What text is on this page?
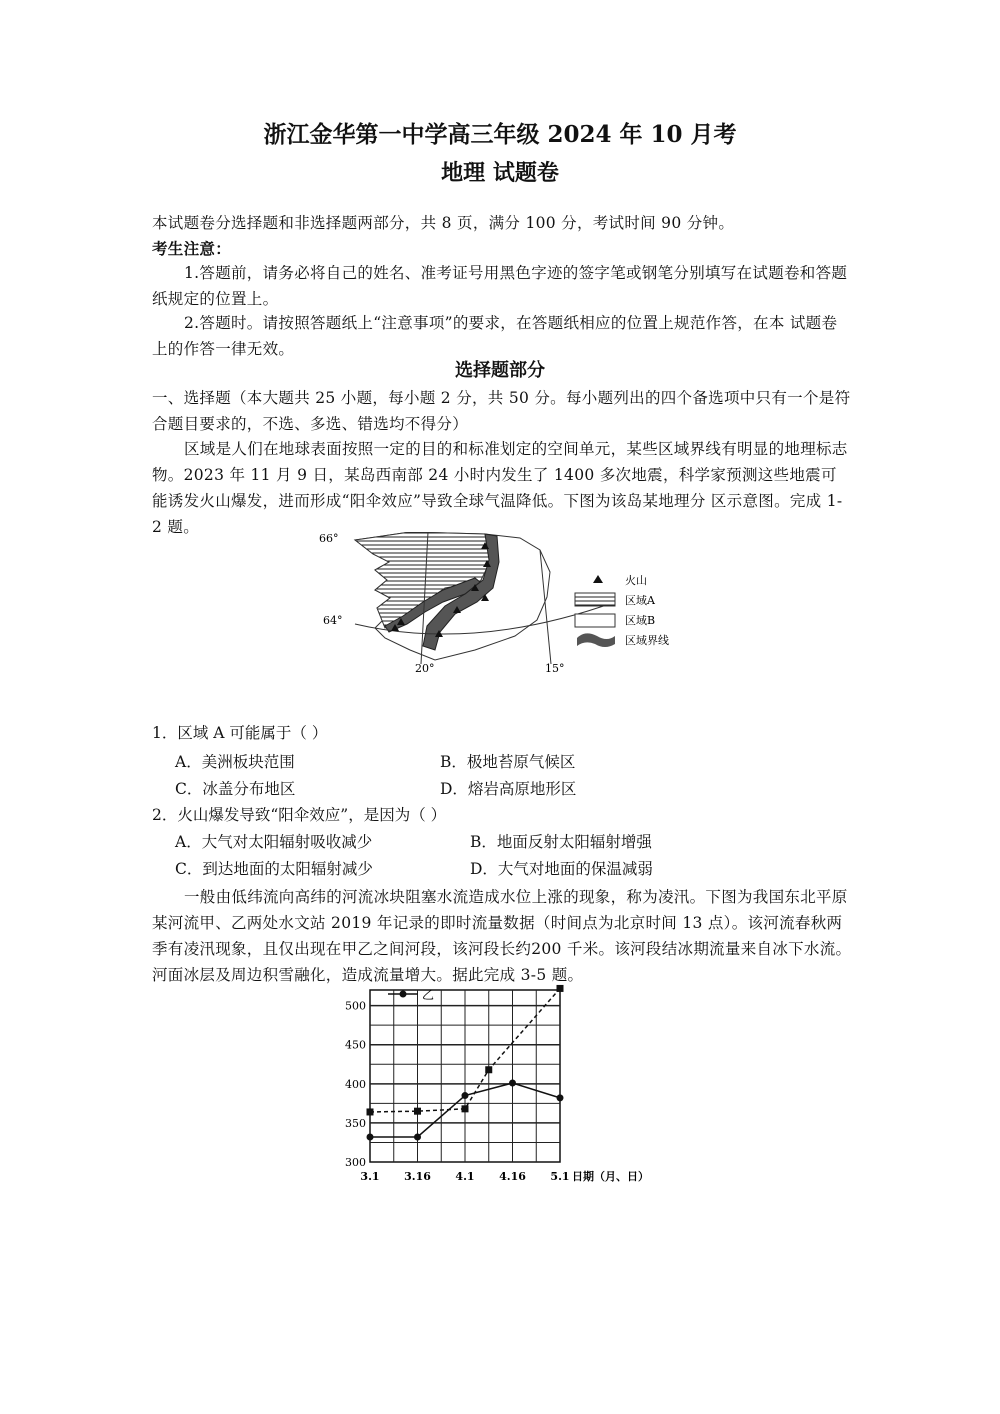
浙江金华第一中学高三年级 2024 年 10 月考
地理 试题卷
本试题卷分选择题和非选择题两部分，共 8 页，满分 100 分，考试时间 90 分钟。
考生注意：
1.答题前，请务必将自己的姓名、准考证号用黑色字迹的签字笔或钢笔分别填写在试题卷和答题纸规定的位置上。
2.答题时。请按照答题纸上“注意事项”的要求，在答题纸相应的位置上规范作答，在本 试题卷上的作答一律无效。
选择题部分
一、选择题（本大题共 25 小题，每小题 2 分，共 50 分。每小题列出的四个备选项中只有一个是符合题目要求的，不选、多选、错选均不得分）
区域是人们在地球表面按照一定的目的和标准划定的空间单元，某些区域界线有明显的地理标志物。2023 年 11 月 9 日，某岛西南部 24 小时内发生了 1400 多次地震，科学家预测这些地震可能诱发火山爆发，进而形成“阳伞效应”导致全球气温降低。下图为该岛某地理分 区示意图。完成 1-2 题。
66°
64°
20°	15°
火山
区域A
区域B
区域界线
1．区域 A 可能属于（ ）
A．美洲板块范围	B．极地苔原气候区
C．冰盖分布地区	D．熔岩高原地形区
2．火山爆发导致“阳伞效应”，是因为（ ）
A．大气对太阳辐射吸收减少	B．地面反射太阳辐射增强
C．到达地面的太阳辐射减少	D．大气对地面的保温减弱
一般由低纬流向高纬的河流冰块阻塞水流造成水位上涨的现象，称为凌汛。下图为我国东北平原某河流甲、乙两处水文站 2019 年记录的即时流量数据（时间点为北京时间 13 点）。该河流春秋两季有凌汛现象，且仅出现在甲乙之间河段，该河段长约200 千米。该河段结冰期流量来自冰下水流。河面冰层及周边积雪融化，造成流量增大。据此完成 3-5 题。
300
350
400
450
500
3.1 3.16 4.1 4.16 5.1 日期（月、日）
乙
